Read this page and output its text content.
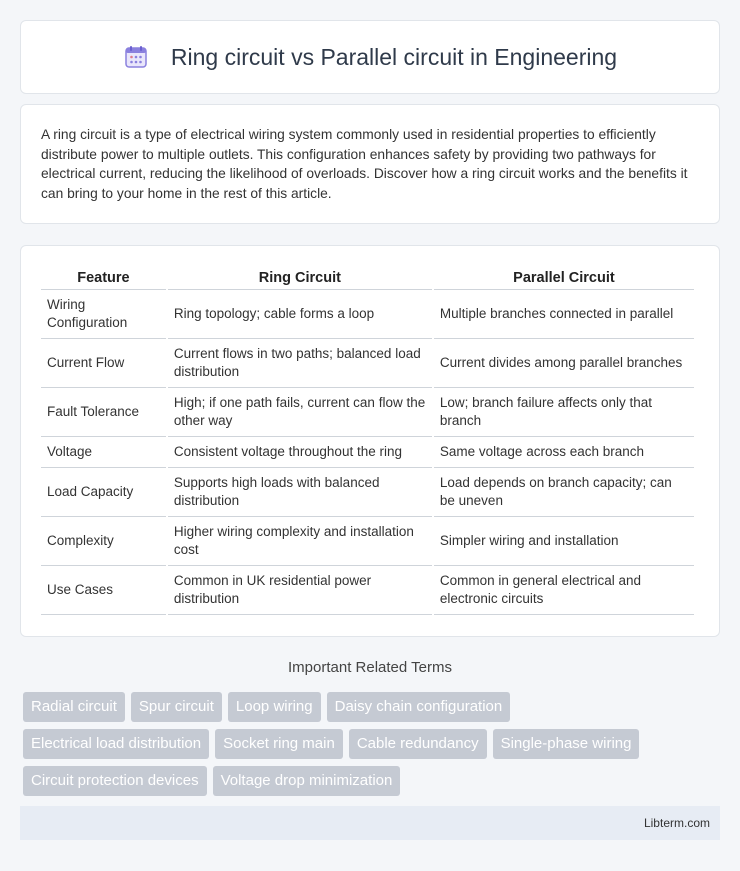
Ring circuit vs Parallel circuit in Engineering

A ring circuit is a type of electrical wiring system commonly used in residential properties to efficiently distribute power to multiple outlets. This configuration enhances safety by providing two pathways for electrical current, reducing the likelihood of overloads. Discover how a ring circuit works and the benefits it can bring to your home in the rest of this article.

Feature	Ring Circuit	Parallel Circuit
Wiring Configuration	Ring topology; cable forms a loop	Multiple branches connected in parallel
Current Flow	Current flows in two paths; balanced load distribution	Current divides among parallel branches
Fault Tolerance	High; if one path fails, current can flow the other way	Low; branch failure affects only that branch
Voltage	Consistent voltage throughout the ring	Same voltage across each branch
Load Capacity	Supports high loads with balanced distribution	Load depends on branch capacity; can be uneven
Complexity	Higher wiring complexity and installation cost	Simpler wiring and installation
Use Cases	Common in UK residential power distribution	Common in general electrical and electronic circuits
Important Related Terms
Radial circuit	Spur circuit	Loop wiring	Daisy chain configuration
Electrical load distribution	Socket ring main	Cable redundancy	Single-phase wiring
Circuit protection devices	Voltage drop minimization
Libterm.com
